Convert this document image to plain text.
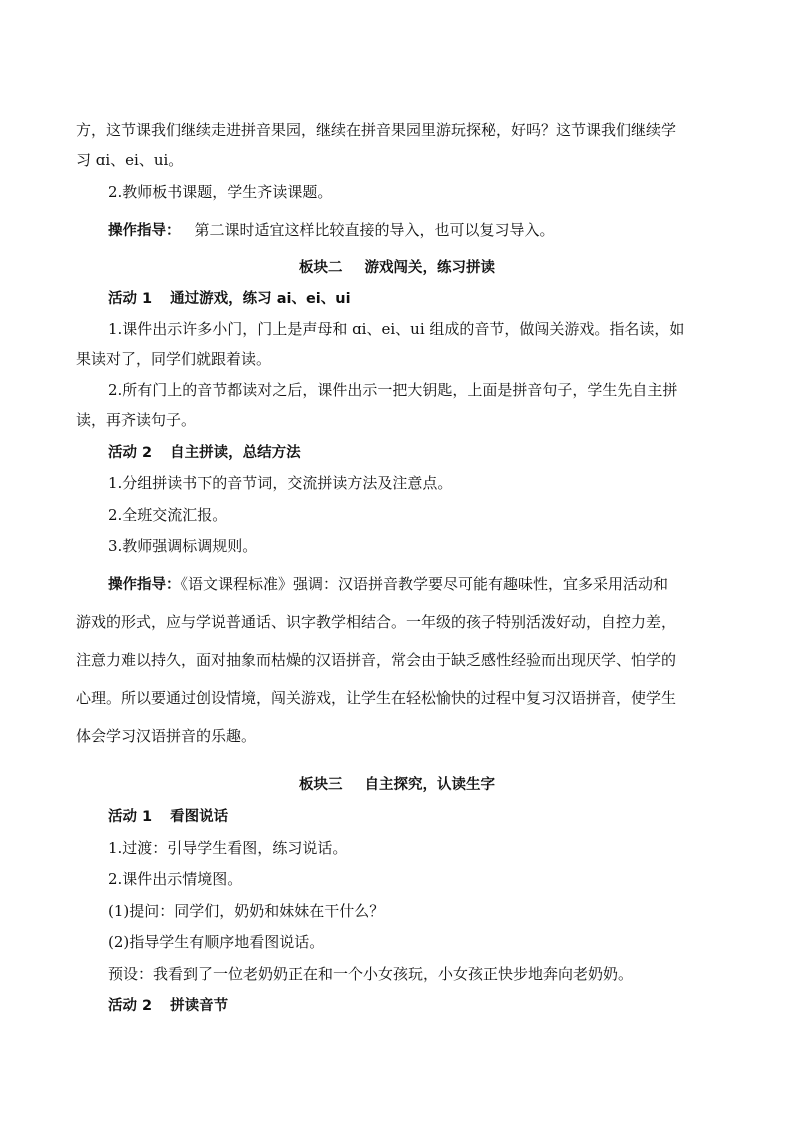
方，这节课我们继续走进拼音果园，继续在拼音果园里游玩探秘，好吗？这节课我们继续学
习 ɑi、ei、ui。
2.教师板书课题，学生齐读课题。
操作指导： 第二课时适宜这样比较直接的导入，也可以复习导入。
板块二 游戏闯关，练习拼读
活动 1 通过游戏，练习 ai、ei、ui
1.课件出示许多小门，门上是声母和 ɑi、ei、ui 组成的音节，做闯关游戏。指名读，如
果读对了，同学们就跟着读。
2.所有门上的音节都读对之后，课件出示一把大钥匙，上面是拼音句子，学生先自主拼
读，再齐读句子。
活动 2 自主拼读，总结方法
1.分组拼读书下的音节词，交流拼读方法及注意点。
2.全班交流汇报。
3.教师强调标调规则。
操作指导：《语文课程标准》强调：汉语拼音教学要尽可能有趣味性，宜多采用活动和
游戏的形式，应与学说普通话、识字教学相结合。一年级的孩子特别活泼好动，自控力差，
注意力难以持久，面对抽象而枯燥的汉语拼音，常会由于缺乏感性经验而出现厌学、怕学的
心理。所以要通过创设情境，闯关游戏，让学生在轻松愉快的过程中复习汉语拼音，使学生
体会学习汉语拼音的乐趣。
板块三 自主探究，认读生字
活动 1 看图说话
1.过渡：引导学生看图，练习说话。
2.课件出示情境图。
(1)提问：同学们，奶奶和妹妹在干什么？
(2)指导学生有顺序地看图说话。
预设：我看到了一位老奶奶正在和一个小女孩玩，小女孩正快步地奔向老奶奶。
活动 2 拼读音节
